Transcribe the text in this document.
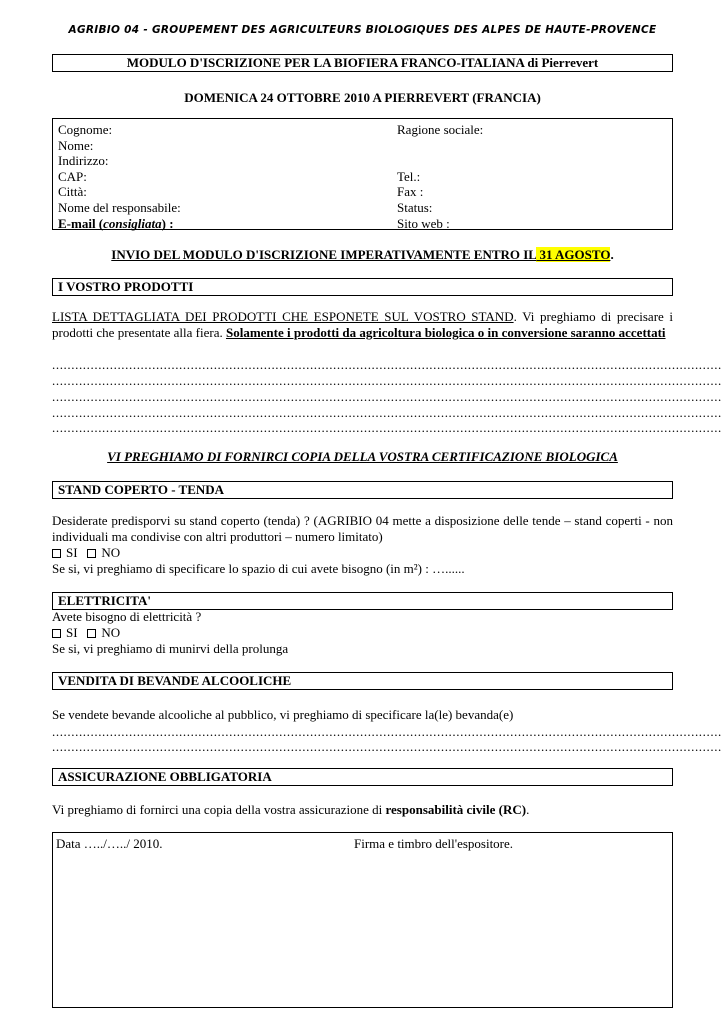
AGRIBIO 04 - GROUPEMENT DES AGRICULTEURS BIOLOGIQUES DES ALPES DE HAUTE-PROVENCE
MODULO D'ISCRIZIONE PER LA BIOFIERA FRANCO-ITALIANA di Pierrevert
DOMENICA 24 OTTOBRE 2010 A PIERREVERT (FRANCIA)
Cognome:
Nome:
Indirizzo:
CAP:
Città:
Nome del responsabile:
E-mail (consigliata) :
Ragione sociale:

Tel.:
Fax :
Status:
Sito web :
INVIO DEL MODULO D'ISCRIZIONE IMPERATIVAMENTE ENTRO IL 31 AGOSTO.
I VOSTRO PRODOTTI
LISTA DETTAGLIATA DEI PRODOTTI CHE ESPONETE SUL VOSTRO STAND. Vi preghiamo di precisare i prodotti che presentate alla fiera. Solamente i prodotti da agricoltura biologica o in conversione saranno accettati
..............................................................................................................................................................................
..............................................................................................................................................................................
..............................................................................................................................................................................
..............................................................................................................................................................................
..............................................................................................................................................................................
VI PREGHIAMO DI FORNIRCI COPIA DELLA VOSTRA CERTIFICAZIONE BIOLOGICA
STAND COPERTO - TENDA
Desiderate predisporvi su stand coperto (tenda) ? (AGRIBIO 04 mette a disposizione delle tende – stand coperti - non individuali ma condivise con altri produttori – numero limitato)
SI NO
Se si, vi preghiamo di specificare lo spazio di cui avete bisogno (in m²) : …......
ELETTRICITA'
Avete bisogno di elettricità ?
SI NO
Se si, vi preghiamo di munirvi della prolunga
VENDITA DI BEVANDE ALCOOLICHE
Se vendete bevande alcooliche al pubblico, vi preghiamo di specificare la(le) bevanda(e)
..............................................................................................................................................................................
..............................................................................................................................................................................
ASSICURAZIONE OBBLIGATORIA
Vi preghiamo di fornirci una copia della vostra assicurazione di responsabilità civile (RC).
Data …../…../ 2010.	Firma e timbro dell'espositore.
